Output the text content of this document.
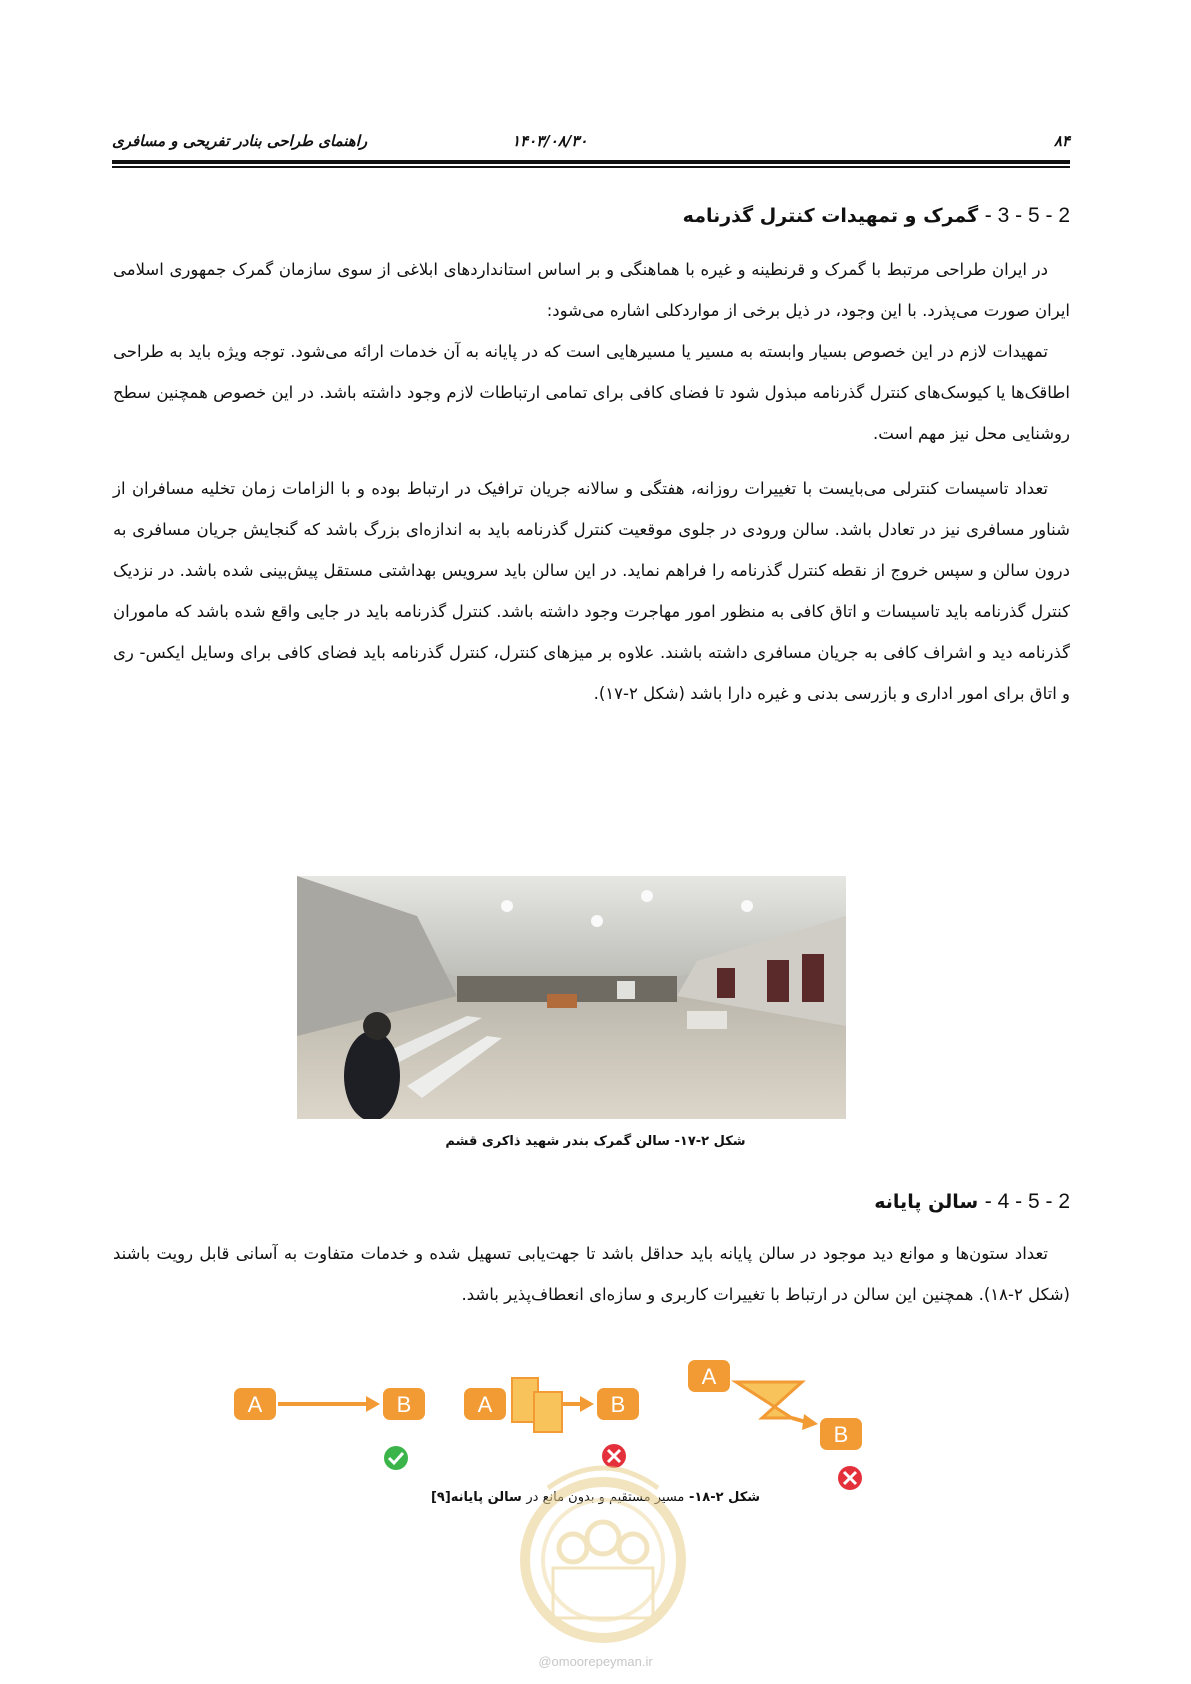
۸۴
۱۴۰۳/۰۸/۳۰
راهنمای طراحی بنادر تفریحی و مسافری
2 - 5 - 3 - گمرک و تمهیدات کنترل گذرنامه
در ایران طراحی مرتبط با گمرک و قرنطینه و غیره با هماهنگی و بر اساس استانداردهای ابلاغی از سوی سازمان گمرک جمهوری اسلامی ایران صورت می‌پذرد. با این وجود، در ذیل برخی از مواردکلی اشاره می‌شود:
تمهیدات لازم در این خصوص بسیار وابسته به مسیر یا مسیرهایی است که در پایانه به آن خدمات ارائه می‌شود. توجه ویژه باید به طراحی اطاقک‌ها یا کیوسک‌های کنترل گذرنامه مبذول شود تا فضای کافی برای تمامی ارتباطات لازم وجود داشته باشد. در این خصوص همچنین سطح روشنایی محل نیز مهم است.
تعداد تاسیسات کنترلی می‌بایست با تغییرات روزانه، هفتگی و سالانه جریان ترافیک در ارتباط بوده و با الزامات زمان تخلیه مسافران از شناور مسافری نیز در تعادل باشد. سالن ورودی در جلوی موقعیت کنترل گذرنامه باید به اندازه‌ای بزرگ باشد که گنجایش جریان مسافری به درون سالن و سپس خروج از نقطه کنترل گذرنامه را فراهم نماید. در این سالن باید سرویس بهداشتی مستقل پیش‌بینی شده باشد. در نزدیک کنترل گذرنامه باید تاسیسات و اتاق کافی به منظور امور مهاجرت وجود داشته باشد. کنترل گذرنامه باید در جایی واقع شده باشد که ماموران گذرنامه دید و اشراف کافی به جریان مسافری داشته باشند. علاوه بر میزهای کنترل، کنترل گذرنامه باید فضای کافی برای وسایل ایکس- ری و اتاق برای امور اداری و بازرسی بدنی و غیره دارا باشد (شکل ۲-۱۷).
شکل ۲-۱۷- سالن گمرک بندر شهید ذاکری قشم
2 - 5 - 4 - سالن پایانه
تعداد ستون‌ها و موانع دید موجود در سالن پایانه باید حداقل باشد تا جهت‌یابی تسهیل شده و خدمات متفاوت به آسانی قابل رویت باشند (شکل ۲-۱۸). همچنین این سالن در ارتباط با تغییرات کاربری و سازه‌ای انعطاف‌پذیر باشد.
A	B	A	B
A
B
شکل ۲-۱۸- مسیر مستقیم و بدون مانع در سالن پایانه[۹]
@omoorepeyman.ir
